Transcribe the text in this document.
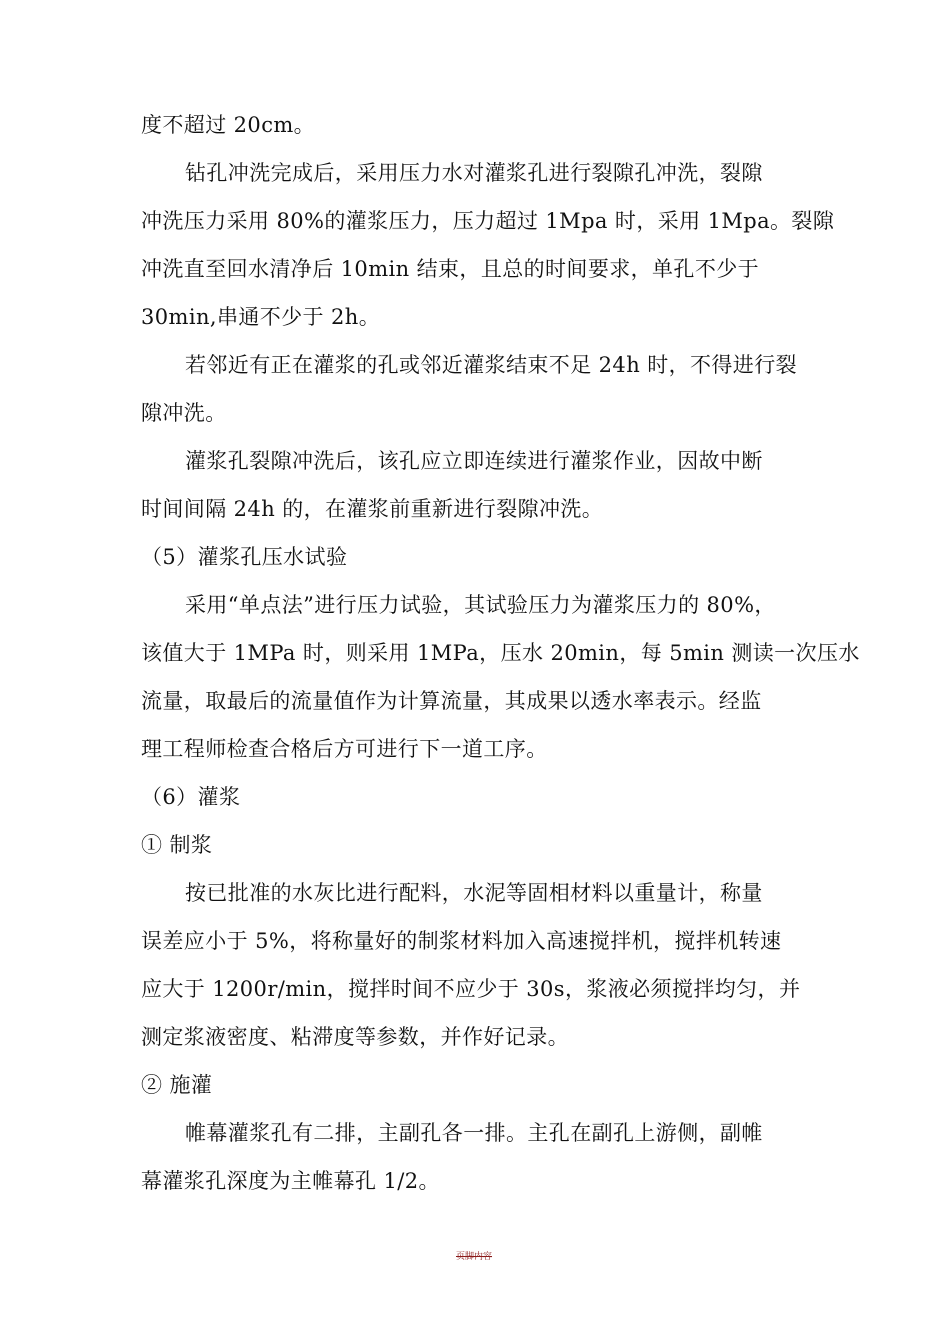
度不超过 20cm。
钻孔冲洗完成后，采用压力水对灌浆孔进行裂隙孔冲洗，裂隙
冲洗压力采用 80%的灌浆压力，压力超过 1Mpa 时，采用 1Mpa。裂隙
冲洗直至回水清净后 10min 结束，且总的时间要求，单孔不少于
30min,串通不少于 2h。
若邻近有正在灌浆的孔或邻近灌浆结束不足 24h 时，不得进行裂
隙冲洗。
灌浆孔裂隙冲洗后，该孔应立即连续进行灌浆作业，因故中断
时间间隔 24h 的，在灌浆前重新进行裂隙冲洗。
（5）灌浆孔压水试验
采用“单点法”进行压力试验，其试验压力为灌浆压力的 80%，
该值大于 1MPa 时，则采用 1MPa，压水 20min，每 5min 测读一次压水
流量，取最后的流量值作为计算流量，其成果以透水率表示。经监
理工程师检查合格后方可进行下一道工序。
（6）灌浆
① 制浆
按已批准的水灰比进行配料，水泥等固相材料以重量计，称量
误差应小于 5%，将称量好的制浆材料加入高速搅拌机，搅拌机转速
应大于 1200r/min，搅拌时间不应少于 30s，浆液必须搅拌均匀，并
测定浆液密度、粘滞度等参数，并作好记录。
② 施灌
帷幕灌浆孔有二排，主副孔各一排。主孔在副孔上游侧，副帷
幕灌浆孔深度为主帷幕孔 1/2。
页脚内容
